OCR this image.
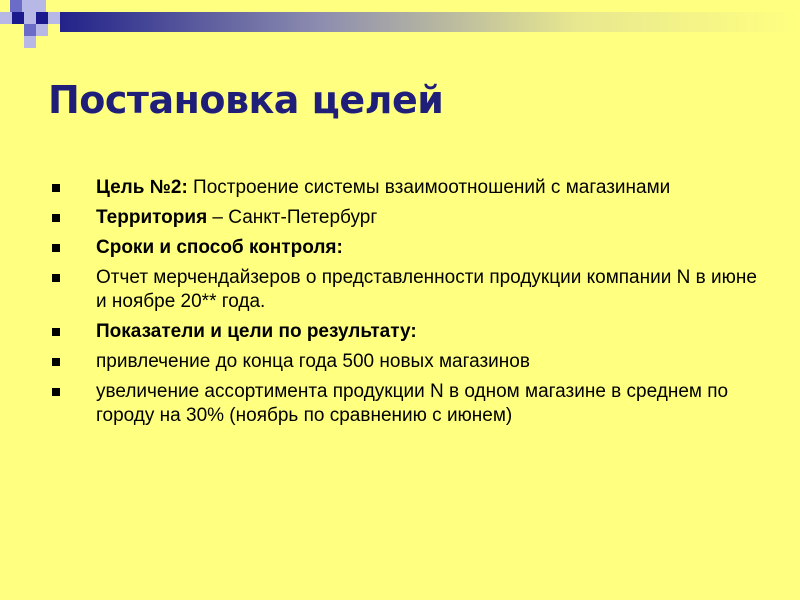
Постановка целей
Цель №2: Построение системы взаимоотношений с магазинами
Территория – Санкт-Петербург
Сроки и способ контроля:
Отчет мерчендайзеров о представленности продукции компании N в июне и ноябре 20** года.
Показатели и цели по результату:
привлечение до конца года 500 новых магазинов
увеличение ассортимента продукции N в одном магазине в среднем по городу на 30% (ноябрь по сравнению с июнем)
